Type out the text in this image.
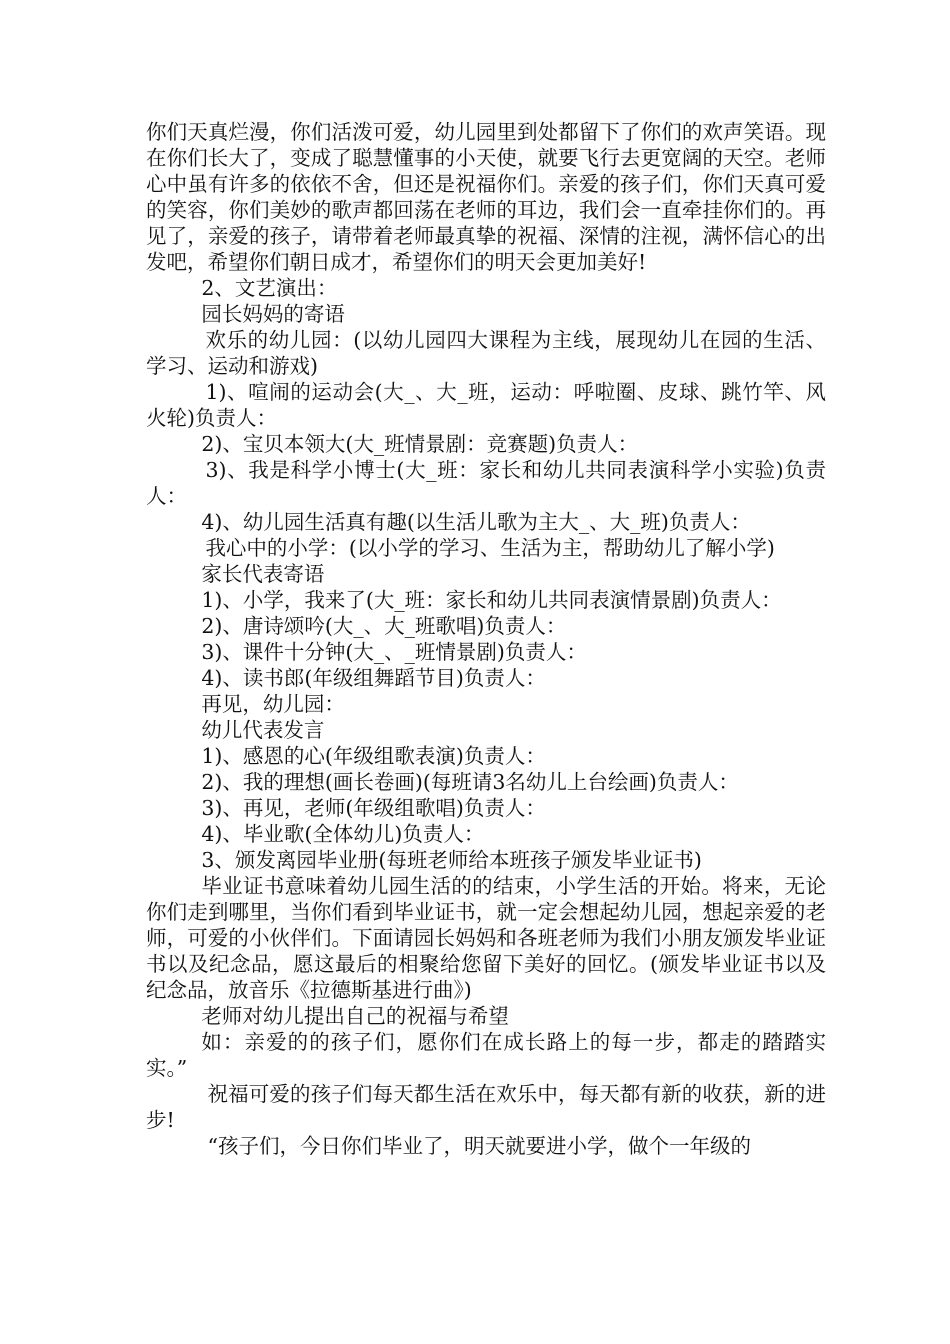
你们天真烂漫，你们活泼可爱，幼儿园里到处都留下了你们的欢声笑语。现在你们长大了，变成了聪慧懂事的小天使，就要飞行去更宽阔的天空。老师心中虽有许多的依依不舍，但还是祝福你们。亲爱的孩子们，你们天真可爱的笑容，你们美妙的歌声都回荡在老师的耳边，我们会一直牵挂你们的。再见了，亲爱的孩子，请带着老师最真挚的祝福、深情的注视，满怀信心的出发吧，希望你们朝日成才，希望你们的明天会更加美好!

2、文艺演出：

园长妈妈的寄语

欢乐的幼儿园：(以幼儿园四大课程为主线，展现幼儿在园的生活、学习、运动和游戏)

1)、喧闹的运动会(大_、大_班，运动：呼啦圈、皮球、跳竹竿、风火轮)负责人：

2)、宝贝本领大(大_班情景剧：竞赛题)负责人：

3)、我是科学小博士(大_班：家长和幼儿共同表演科学小实验)负责人：

4)、幼儿园生活真有趣(以生活儿歌为主大_、大_班)负责人：

我心中的小学：(以小学的学习、生活为主，帮助幼儿了解小学)

家长代表寄语

1)、小学，我来了(大_班：家长和幼儿共同表演情景剧)负责人：

2)、唐诗颂吟(大_、大_班歌唱)负责人：

3)、课件十分钟(大_、_班情景剧)负责人：

4)、读书郎(年级组舞蹈节目)负责人：

再见，幼儿园：

幼儿代表发言

1)、感恩的心(年级组歌表演)负责人：

2)、我的理想(画长卷画)(每班请3名幼儿上台绘画)负责人：

3)、再见，老师(年级组歌唱)负责人：

4)、毕业歌(全体幼儿)负责人：

3、颁发离园毕业册(每班老师给本班孩子颁发毕业证书)

毕业证书意味着幼儿园生活的的结束，小学生活的开始。将来，无论你们走到哪里，当你们看到毕业证书，就一定会想起幼儿园，想起亲爱的老师，可爱的小伙伴们。下面请园长妈妈和各班老师为我们小朋友颁发毕业证书以及纪念品，愿这最后的相聚给您留下美好的回忆。(颁发毕业证书以及纪念品，放音乐《拉德斯基进行曲》)

老师对幼儿提出自己的祝福与希望

如：亲爱的的孩子们，愿你们在成长路上的每一步，都走的踏踏实实。”

祝福可爱的孩子们每天都生活在欢乐中，每天都有新的收获，新的进步!

“孩子们，今日你们毕业了，明天就要进小学，做个一年级的
